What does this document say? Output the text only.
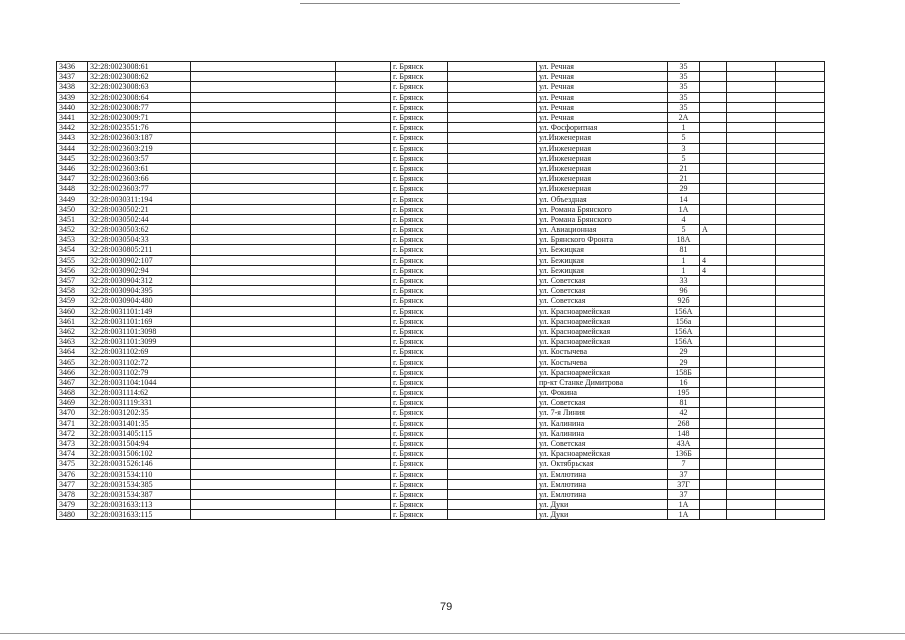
3436	32:28:0023008:61			г. Брянск		ул. Речная	35			
3437	32:28:0023008:62			г. Брянск		ул. Речная	35			
3438	32:28:0023008:63			г. Брянск		ул. Речная	35			
3439	32:28:0023008:64			г. Брянск		ул. Речная	35			
3440	32:28:0023008:77			г. Брянск		ул. Речная	35			
3441	32:28:0023009:71			г. Брянск		ул. Речная	2А			
3442	32:28:0023551:76			г. Брянск		ул. Фосфоритная	1			
3443	32:28:0023603:187			г. Брянск		ул.Инженерная	5			
3444	32:28:0023603:219			г. Брянск		ул.Инженерная	3			
3445	32:28:0023603:57			г. Брянск		ул.Инженерная	5			
3446	32:28:0023603:61			г. Брянск		ул.Инженерная	21			
3447	32:28:0023603:66			г. Брянск		ул.Инженерная	21			
3448	32:28:0023603:77			г. Брянск		ул.Инженерная	29			
3449	32:28:0030311:194			г. Брянск		ул. Объездная	14			
3450	32:28:0030502:21			г. Брянск		ул. Романа Брянского	1А			
3451	32:28:0030502:44			г. Брянск		ул. Романа Брянского	4			
3452	32:28:0030503:62			г. Брянск		ул. Авиационная	5	А		
3453	32:28:0030504:33			г. Брянск		ул. Брянского Фронта	18А			
3454	32:28:0030805:211			г. Брянск		ул. Бежицкая	81			
3455	32:28:0030902:107			г. Брянск		ул. Бежицкая	1	4		
3456	32:28:0030902:94			г. Брянск		ул. Бежицкая	1	4		
3457	32:28:0030904:312			г. Брянск		ул. Советская	33			
3458	32:28:0030904:395			г. Брянск		ул. Советская	96			
3459	32:28:0030904:480			г. Брянск		ул. Советская	92б			
3460	32:28:0031101:149			г. Брянск		ул. Красноармейская	156А			
3461	32:28:0031101:169			г. Брянск		ул. Красноармейская	156а			
3462	32:28:0031101:3098			г. Брянск		ул. Красноармейская	156А			
3463	32:28:0031101:3099			г. Брянск		ул. Красноармейская	156А			
3464	32:28:0031102:69			г. Брянск		ул. Костычева	29			
3465	32:28:0031102:72			г. Брянск		ул. Костычева	29			
3466	32:28:0031102:79			г. Брянск		ул. Красноармейская	158Б			
3467	32:28:0031104:1044			г. Брянск		пр-кт Станке Димитрова	16			
3468	32:28:0031114:62			г. Брянск		ул. Фокина	195			
3469	32:28:0031119:331			г. Брянск		ул. Советская	81			
3470	32:28:0031202:35			г. Брянск		ул. 7-я Линия	42			
3471	32:28:0031401:35			г. Брянск		ул. Калинина	268			
3472	32:28:0031405:115			г. Брянск		ул. Калинина	148			
3473	32:28:0031504:94			г. Брянск		ул. Советская	43А			
3474	32:28:0031506:102			г. Брянск		ул. Красноармейская	136Б			
3475	32:28:0031526:146			г. Брянск		ул. Октябрьская	7			
3476	32:28:0031534:110			г. Брянск		ул. Емлютина	37			
3477	32:28:0031534:385			г. Брянск		ул. Емлютина	37Г			
3478	32:28:0031534:387			г. Брянск		ул. Емлютина	37			
3479	32:28:0031633:113			г. Брянск		ул. Дуки	1А			
3480	32:28:0031633:115			г. Брянск		ул. Дуки	1А			
79
